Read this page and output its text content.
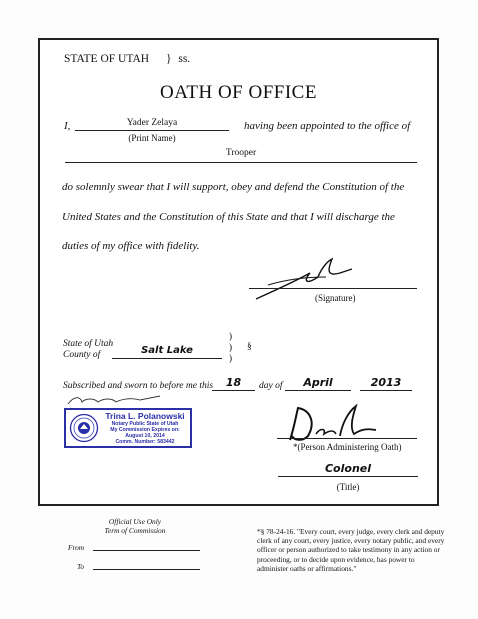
STATE OF UTAH } ss.
OATH OF OFFICE
I,	Yader Zelaya
(Print Name)
having been appointed to the office of
Trooper
do solemnly swear that I will support, obey and defend the Constitution of the
United States and the Constitution of this State and that I will discharge the
duties of my office with fidelity.
(Signature)
State of Utah
County of	Salt Lake
)
)
)
§
Subscribed and sworn to before me this	18	day of	April	2013
Trina L. Polanowski
Notary Public State of Utah
My Commission Expires on:
August 10, 2014
Comm. Number: 583442	*(Person Administering Oath)
Colonel
(Title)
Official Use Only
Term of Commission
From
To
*§ 78-24-16. "Every court, every judge, every clerk and deputy clerk of any court, every justice, every notary public, and every officer or person authorized to take testimony in any action or proceeding, or to decide upon evidence, has power to administer oaths or affirmations."
